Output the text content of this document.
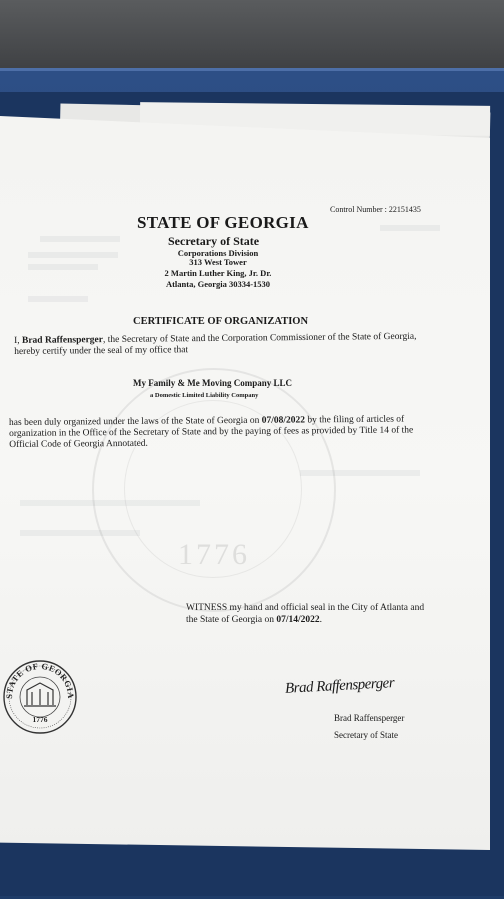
1776
Control Number : 22151435
STATE OF GEORGIA
Secretary of State
Corporations Division
313 West Tower
2 Martin Luther King, Jr. Dr.
Atlanta, Georgia 30334-1530
CERTIFICATE OF ORGANIZATION
I, Brad Raffensperger, the Secretary of State and the Corporation Commissioner of the State of Georgia, hereby certify under the seal of my office that
My Family & Me Moving Company LLC
a Domestic Limited Liability Company
has been duly organized under the laws of the State of Georgia on 07/08/2022 by the filing of articles of organization in the Office of the Secretary of State and by the paying of fees as provided by Title 14 of the Official Code of Georgia Annotated.
WITNESS my hand and official seal in the City of Atlanta and the State of Georgia on 07/14/2022.
Brad Raffensperger
Brad Raffensperger
Secretary of State
STATE OF GEORGIA
1776
